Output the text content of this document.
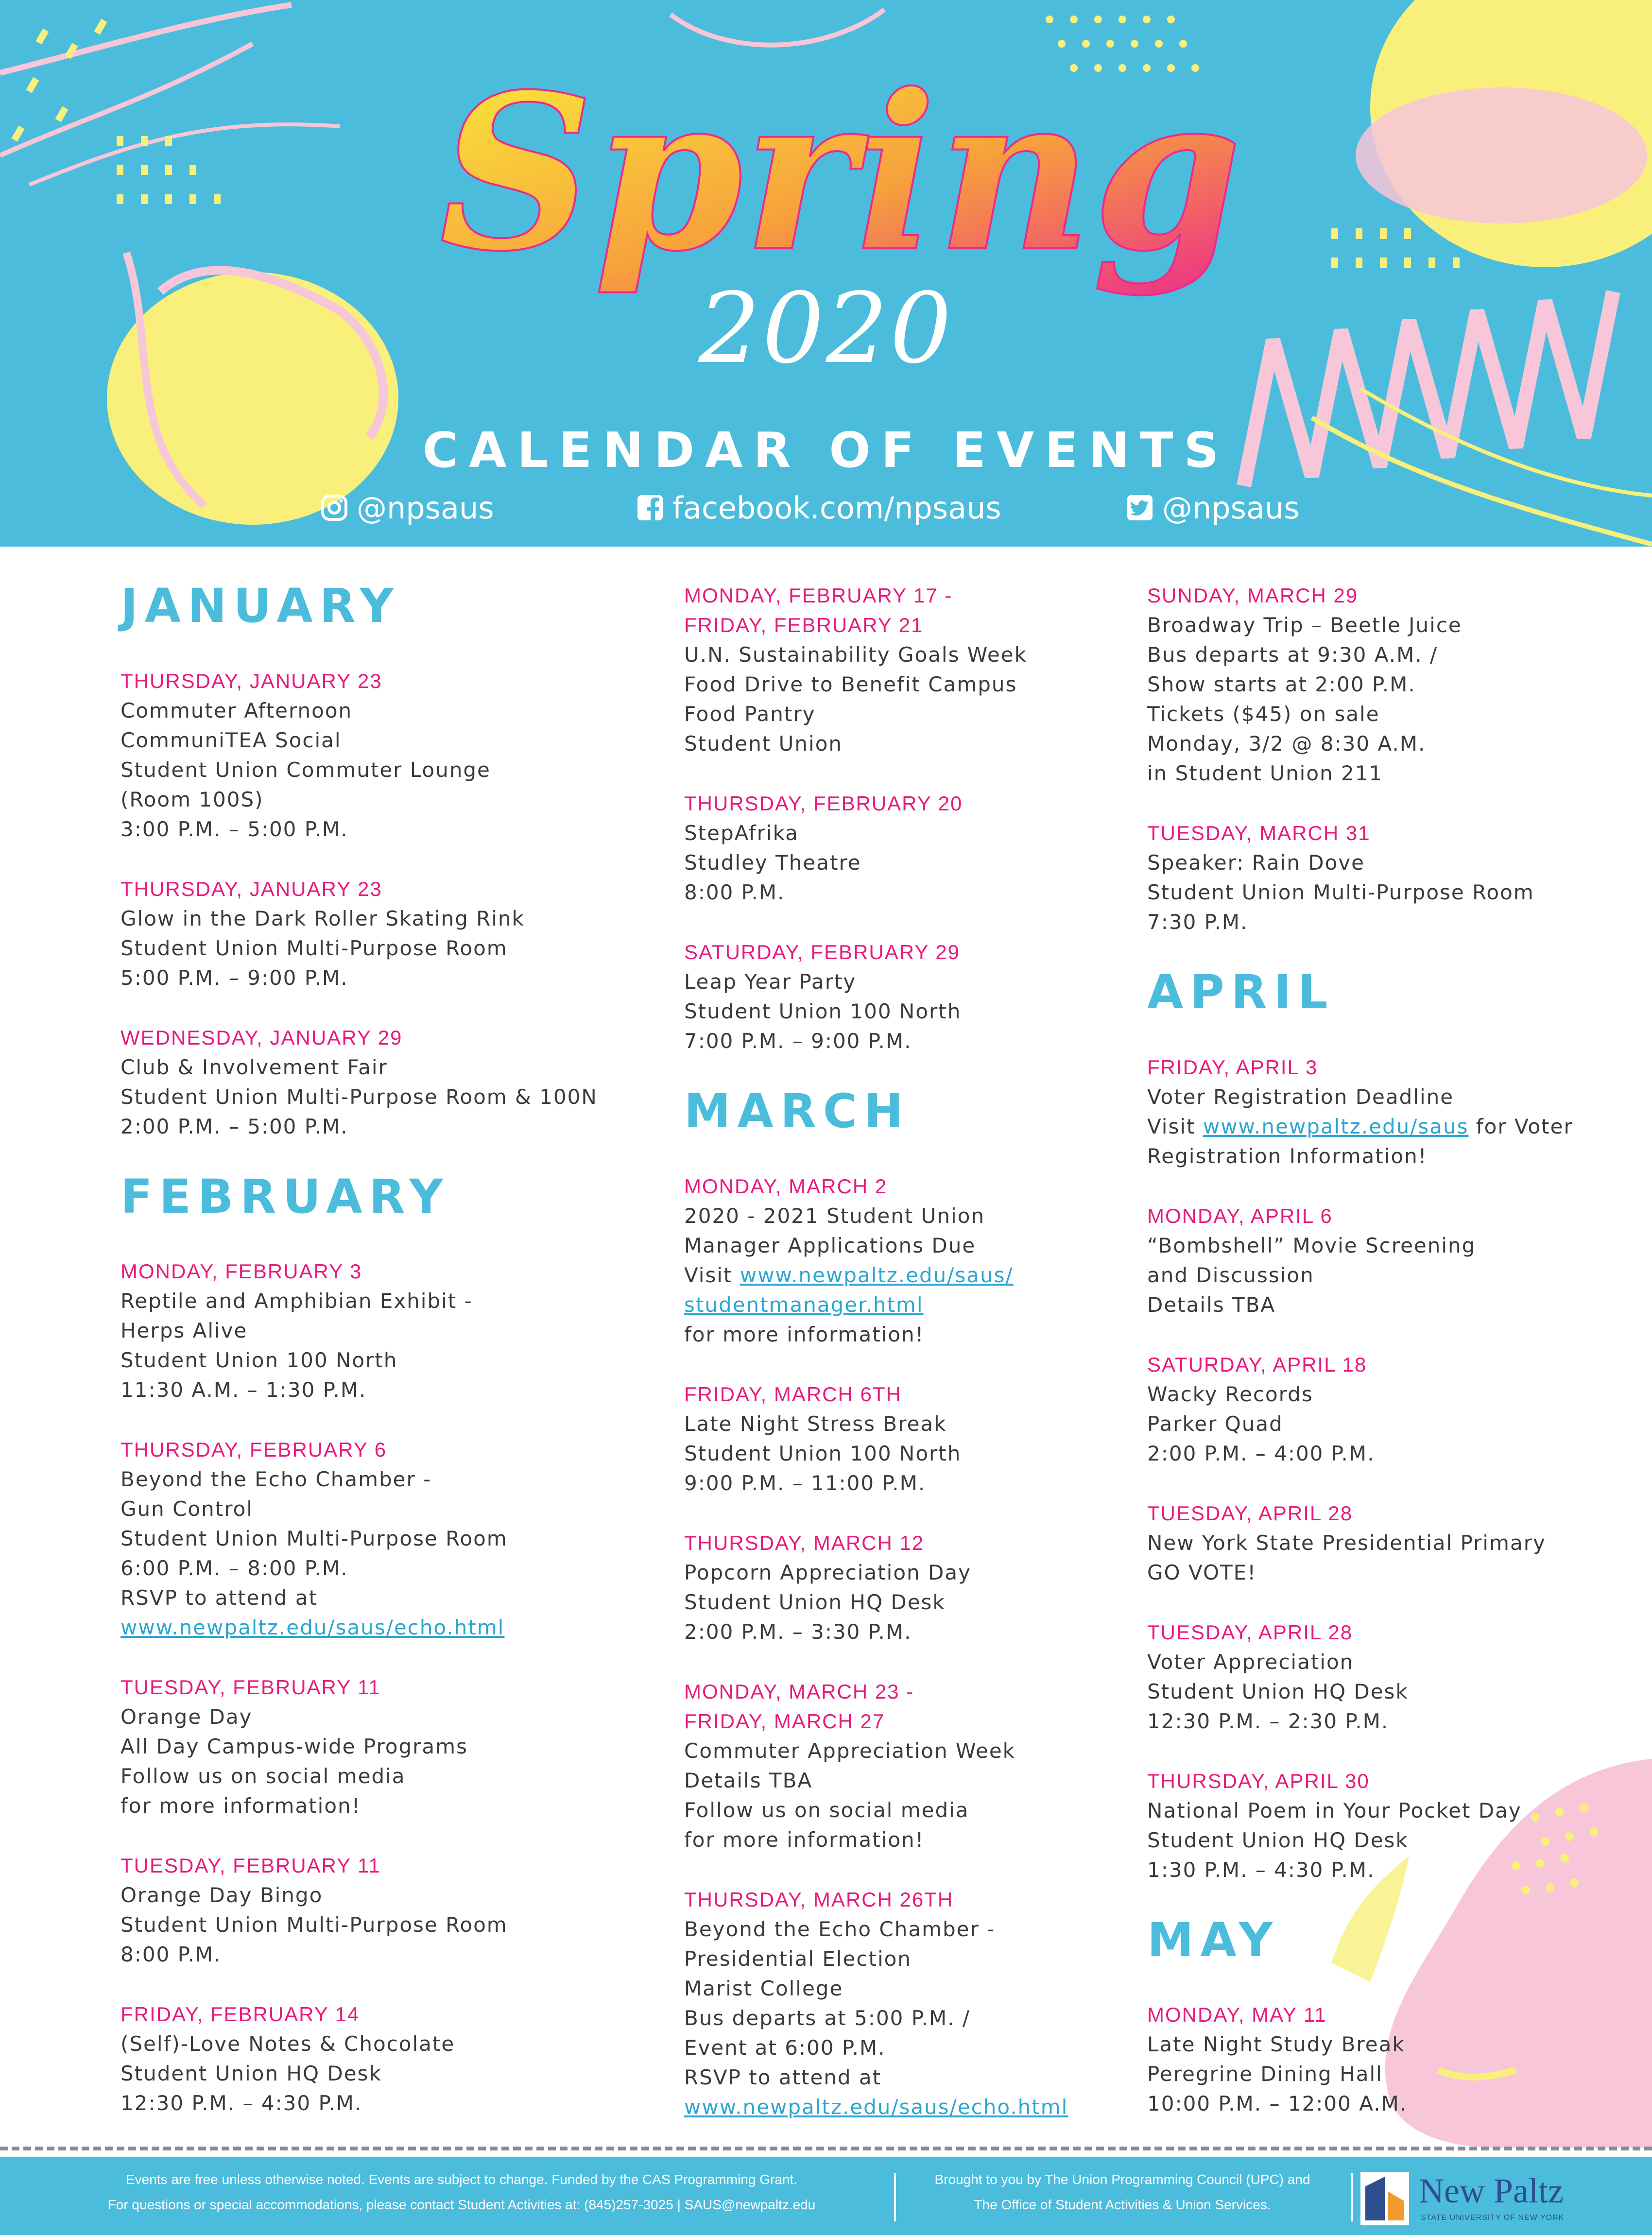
Spring
2020
CALENDAR OF EVENTS
@npsaus	facebook.com/npsaus	@npsaus
JANUARY
THURSDAY, JANUARY 23
Commuter Afternoon
CommuniTEA Social
Student Union Commuter Lounge
(Room 100S)
3:00 P.M. – 5:00 P.M.
THURSDAY, JANUARY 23
Glow in the Dark Roller Skating Rink
Student Union Multi-Purpose Room
5:00 P.M. – 9:00 P.M.
WEDNESDAY, JANUARY 29
Club & Involvement Fair
Student Union Multi-Purpose Room & 100N
2:00 P.M. – 5:00 P.M.
FEBRUARY
MONDAY, FEBRUARY 3
Reptile and Amphibian Exhibit -
Herps Alive
Student Union 100 North
11:30 A.M. – 1:30 P.M.
THURSDAY, FEBRUARY 6
Beyond the Echo Chamber -
Gun Control
Student Union Multi-Purpose Room
6:00 P.M. – 8:00 P.M.
RSVP to attend at
www.newpaltz.edu/saus/echo.html
TUESDAY, FEBRUARY 11
Orange Day
All Day Campus-wide Programs
Follow us on social media
for more information!
TUESDAY, FEBRUARY 11
Orange Day Bingo
Student Union Multi-Purpose Room
8:00 P.M.
FRIDAY, FEBRUARY 14
(Self)-Love Notes & Chocolate
Student Union HQ Desk
12:30 P.M. – 4:30 P.M.
MONDAY, FEBRUARY 17 -
FRIDAY, FEBRUARY 21
U.N. Sustainability Goals Week
Food Drive to Benefit Campus
Food Pantry
Student Union
THURSDAY, FEBRUARY 20
StepAfrika
Studley Theatre
8:00 P.M.
SATURDAY, FEBRUARY 29
Leap Year Party
Student Union 100 North
7:00 P.M. – 9:00 P.M.
MARCH
MONDAY, MARCH 2
2020 - 2021 Student Union
Manager Applications Due
Visit www.newpaltz.edu/saus/
studentmanager.html
for more information!
FRIDAY, MARCH 6TH
Late Night Stress Break
Student Union 100 North
9:00 P.M. – 11:00 P.M.
THURSDAY, MARCH 12
Popcorn Appreciation Day
Student Union HQ Desk
2:00 P.M. – 3:30 P.M.
MONDAY, MARCH 23 -
FRIDAY, MARCH 27
Commuter Appreciation Week
Details TBA
Follow us on social media
for more information!
THURSDAY, MARCH 26TH
Beyond the Echo Chamber -
Presidential Election
Marist College
Bus departs at 5:00 P.M. /
Event at 6:00 P.M.
RSVP to attend at
www.newpaltz.edu/saus/echo.html
SUNDAY, MARCH 29
Broadway Trip – Beetle Juice
Bus departs at 9:30 A.M. /
Show starts at 2:00 P.M.
Tickets ($45) on sale
Monday, 3/2 @ 8:30 A.M.
in Student Union 211
TUESDAY, MARCH 31
Speaker: Rain Dove
Student Union Multi-Purpose Room
7:30 P.M.
APRIL
FRIDAY, APRIL 3
Voter Registration Deadline
Visit www.newpaltz.edu/saus for Voter
Registration Information!
MONDAY, APRIL 6
“Bombshell” Movie Screening
and Discussion
Details TBA
SATURDAY, APRIL 18
Wacky Records
Parker Quad
2:00 P.M. – 4:00 P.M.
TUESDAY, APRIL 28
New York State Presidential Primary
GO VOTE!
TUESDAY, APRIL 28
Voter Appreciation
Student Union HQ Desk
12:30 P.M. – 2:30 P.M.
THURSDAY, APRIL 30
National Poem in Your Pocket Day
Student Union HQ Desk
1:30 P.M. – 4:30 P.M.
MAY
MONDAY, MAY 11
Late Night Study Break
Peregrine Dining Hall
10:00 P.M. – 12:00 A.M.
Events are free unless otherwise noted. Events are subject to change. Funded by the CAS Programming Grant.
For questions or special accommodations, please contact Student Activities at: (845)257-3025 | SAUS@newpaltz.edu
Brought to you by The Union Programming Council (UPC) and
The Office of Student Activities & Union Services.	New Paltz
STATE UNIVERSITY OF NEW YORK
